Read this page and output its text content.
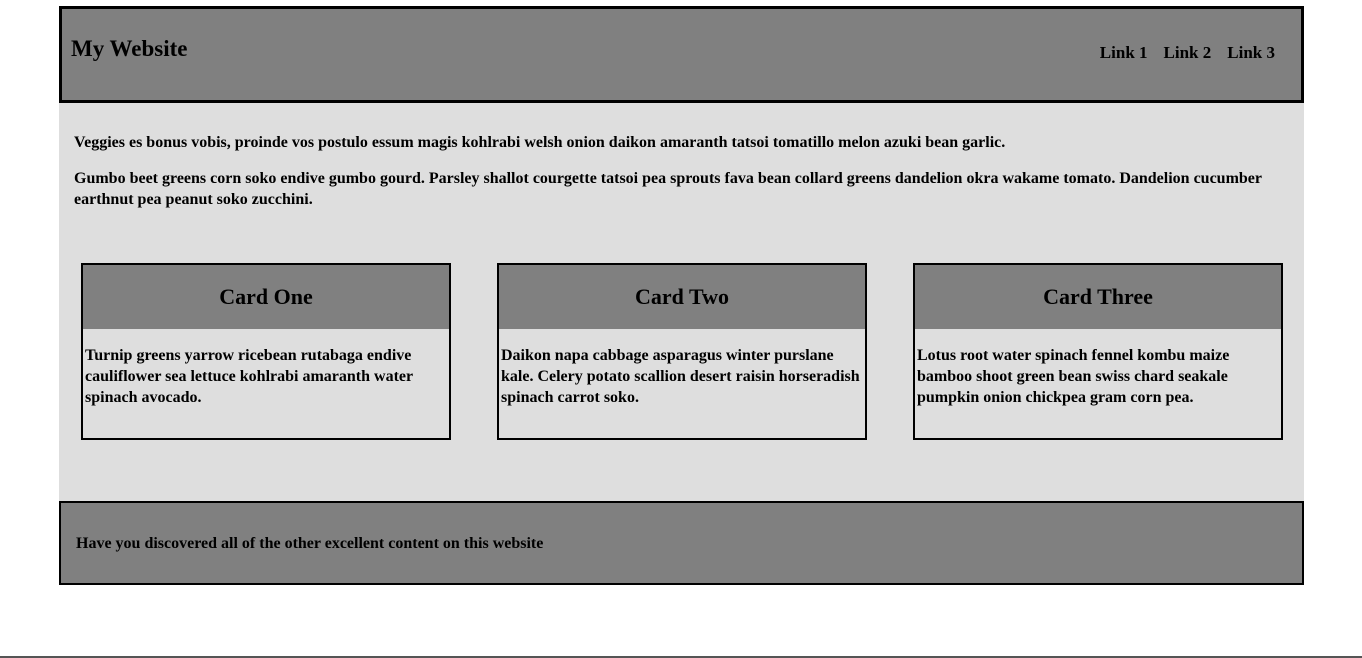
My Website	Link 1 Link 2 Link 3

Veggies es bonus vobis, proinde vos postulo essum magis kohlrabi welsh onion daikon amaranth tatsoi tomatillo melon azuki bean garlic.

Gumbo beet greens corn soko endive gumbo gourd. Parsley shallot courgette tatsoi pea sprouts fava bean collard greens dandelion okra wakame tomato. Dandelion cucumber earthnut pea peanut soko zucchini.

Card One
Turnip greens yarrow ricebean rutabaga endive cauliflower sea lettuce kohlrabi amaranth water spinach avocado.
Card Two
Daikon napa cabbage asparagus winter purslane kale. Celery potato scallion desert raisin horseradish spinach carrot soko.
Card Three
Lotus root water spinach fennel kombu maize bamboo shoot green bean swiss chard seakale pumpkin onion chickpea gram corn pea.
Have you discovered all of the other excellent content on this website
